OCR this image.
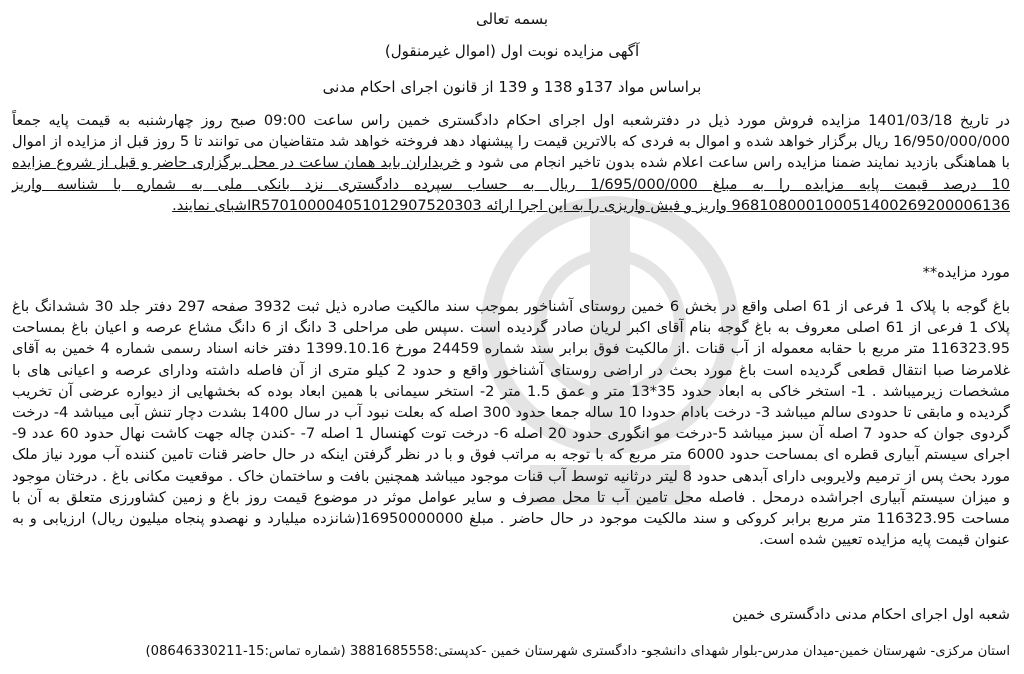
بسمه تعالی
آگهی مزایده نوبت اول (اموال غیرمنقول)
براساس مواد 137و 138 و 139 از قانون اجرای احکام مدنی
در تاریخ 1401/03/18 مزایده فروش مورد ذیل در دفترشعبه اول اجرای احکام دادگستری خمین راس ساعت 09:00 صبح روز چهارشنبه به قیمت پایه جمعاً 16/950/000/000 ریال برگزار خواهد شده و اموال به فردی که بالاترین قیمت را پیشنهاد دهد فروخته خواهد شد متقاضیان می توانند تا 5 روز قبل از مزایده از اموال با هماهنگی بازدید نمایند ضمنا مزایده راس ساعت اعلام شده بدون تاخیر انجام می شود و خریداران باید همان ساعت در محل برگزاری حاضر و قبل از شروع مزایده 10 درصد قیمت پایه مزایده را به مبلغ 1/695/000/000 ریال به حساب سپرده دادگستری نزد بانکی ملی به شماره با شناسه واریز 968108000100051400269200006136 واریز و فیش واریزی را به این اجرا ارائه IR570100004051012907520303شبای نمایند.
مورد مزایده**
باغ گوجه با پلاک 1 فرعی از 61 اصلی واقع در بخش 6 خمین روستای آشناخور بموجب سند مالکیت صادره ذیل ثبت 3932 صفحه 297 دفتر جلد 30 ششدانگ باغ پلاک 1 فرعی از 61 اصلی معروف به باغ گوجه بنام آقای اکبر لریان صادر گردیده است .سپس طی مراحلی 3 دانگ از 6 دانگ مشاع عرصه و اعیان باغ بمساحت 116323.95 متر مربع با حقابه معموله از آب قنات .از مالکیت فوق برابر سند شماره 24459 مورخ 1399.10.16 دفتر خانه اسناد رسمی شماره 4 خمین به آقای غلامرضا صبا انتقال قطعی گردیده است باغ مورد بحث در اراضی روستای آشناخور واقع و حدود 2 کیلو متری از آن فاصله داشته ودارای عرصه و اعیانی های با مشخصات زیرمیباشد . 1- استخر خاکی به ابعاد حدود 35*13 متر و عمق 1.5 متر 2- استخر سیمانی با همین ابعاد بوده که بخشهایی از دیواره عرضی آن تخریب گردیده و مابقی تا حدودی سالم میباشد 3- درخت بادام حدودا 10 ساله جمعا حدود 300 اصله که بعلت نبود آب در سال 1400 بشدت دچار تنش آبی میباشد 4- درخت گردوی جوان که حدود 7 اصله آن سبز میباشد 5-درخت مو انگوری حدود 20 اصله 6- درخت توت کهنسال 1 اصله 7- -کندن چاله جهت کاشت نهال حدود 60 عدد 9- اجرای سیستم آبیاری قطره ای بمساحت حدود 6000 متر مربع که با توجه به مراتب فوق و با در نظر گرفتن اینکه در حال حاضر قنات تامین کننده آب مورد نیاز ملک مورد بحث پس از ترمیم ولایروبی دارای آبدهی حدود 8 لیتر درثانیه توسط آب قنات موجود میباشد همچنین بافت و ساختمان خاک . موقعیت مکانی باغ . درختان موجود و میزان سیستم آبیاری اجراشده درمحل . فاصله محل تامین آب تا محل مصرف و سایر عوامل موثر در موضوع قیمت روز باغ و زمین کشاورزی متعلق به آن با مساحت 116323.95 متر مربع برابر کروکی و سند مالکیت موجود در حال حاضر . مبلغ 16950000000(شانزده میلیارد و نهصدو پنجاه میلیون ریال) ارزیابی و به عنوان قیمت پایه مزایده تعیین شده است.
شعبه اول اجرای احکام مدنی دادگستری خمین
استان مرکزی- شهرستان خمین-میدان مدرس-بلوار شهدای دانشجو- دادگستری شهرستان خمین -کدپستی:3881685558 (شماره تماس:15-08646330211)
